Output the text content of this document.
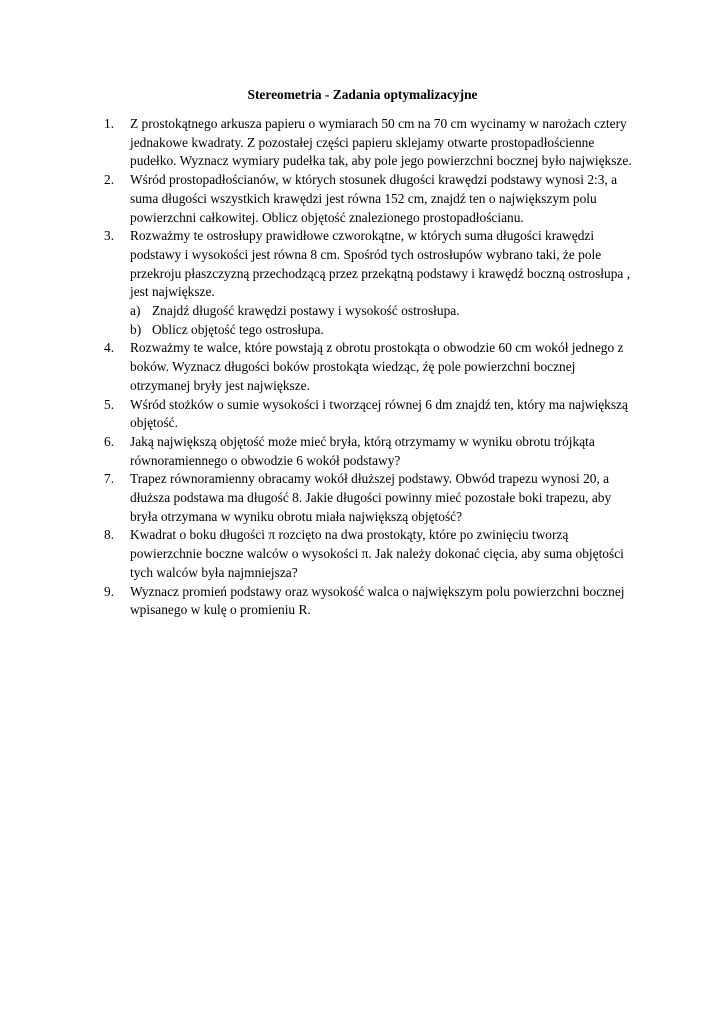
Stereometria - Zadania optymalizacyjne
1. Z prostokątnego arkusza papieru o wymiarach 50 cm na 70 cm wycinamy w narożach cztery jednakowe kwadraty. Z pozostałej części papieru sklejamy otwarte prostopadłościenne pudełko. Wyznacz wymiary pudełka tak, aby pole jego powierzchni bocznej było największe.
2. Wśród prostopadłościanów, w których stosunek długości krawędzi podstawy wynosi 2:3, a suma długości wszystkich krawędzi jest równa 152 cm, znajdź ten o największym polu powierzchni całkowitej. Oblicz objętość znalezionego prostopadłościanu.
3. Rozważmy te ostrosłupy prawidłowe czworokątne, w których suma długości krawędzi podstawy i wysokości jest równa 8 cm. Spośród tych ostrosłupów wybrano taki, że pole przekroju płaszczyzną przechodzącą przez przekątną podstawy i krawędź boczną ostrosłupa , jest największe.
a) Znajdź długość krawędzi postawy i wysokość ostrosłupa.
b) Oblicz objętość tego ostrosłupa.
4. Rozważmy te walce, które powstają z obrotu prostokąta o obwodzie 60 cm wokół jednego z boków. Wyznacz długości boków prostokąta wiedząc, źę pole powierzchni bocznej otrzymanej bryły jest największe.
5. Wśród stożków o sumie wysokości i tworzącej równej 6 dm znajdź ten, który ma największą objętość.
6. Jaką największą objętość może mieć bryła, którą otrzymamy w wyniku obrotu trójkąta równoramiennego o obwodzie 6 wokół podstawy?
7. Trapez równoramienny obracamy wokół dłuższej podstawy. Obwód trapezu wynosi 20, a dłuższa podstawa ma długość 8. Jakie długości powinny mieć pozostałe boki trapezu, aby bryła otrzymana w wyniku obrotu miała największą objętość?
8. Kwadrat o boku długości π rozcięto na dwa prostokąty, które po zwinięciu tworzą powierzchnie boczne walców o wysokości π. Jak należy dokonać cięcia, aby suma objętości tych walców była najmniejsza?
9. Wyznacz promień podstawy oraz wysokość walca o największym polu powierzchni bocznej wpisanego w kulę o promieniu R.
